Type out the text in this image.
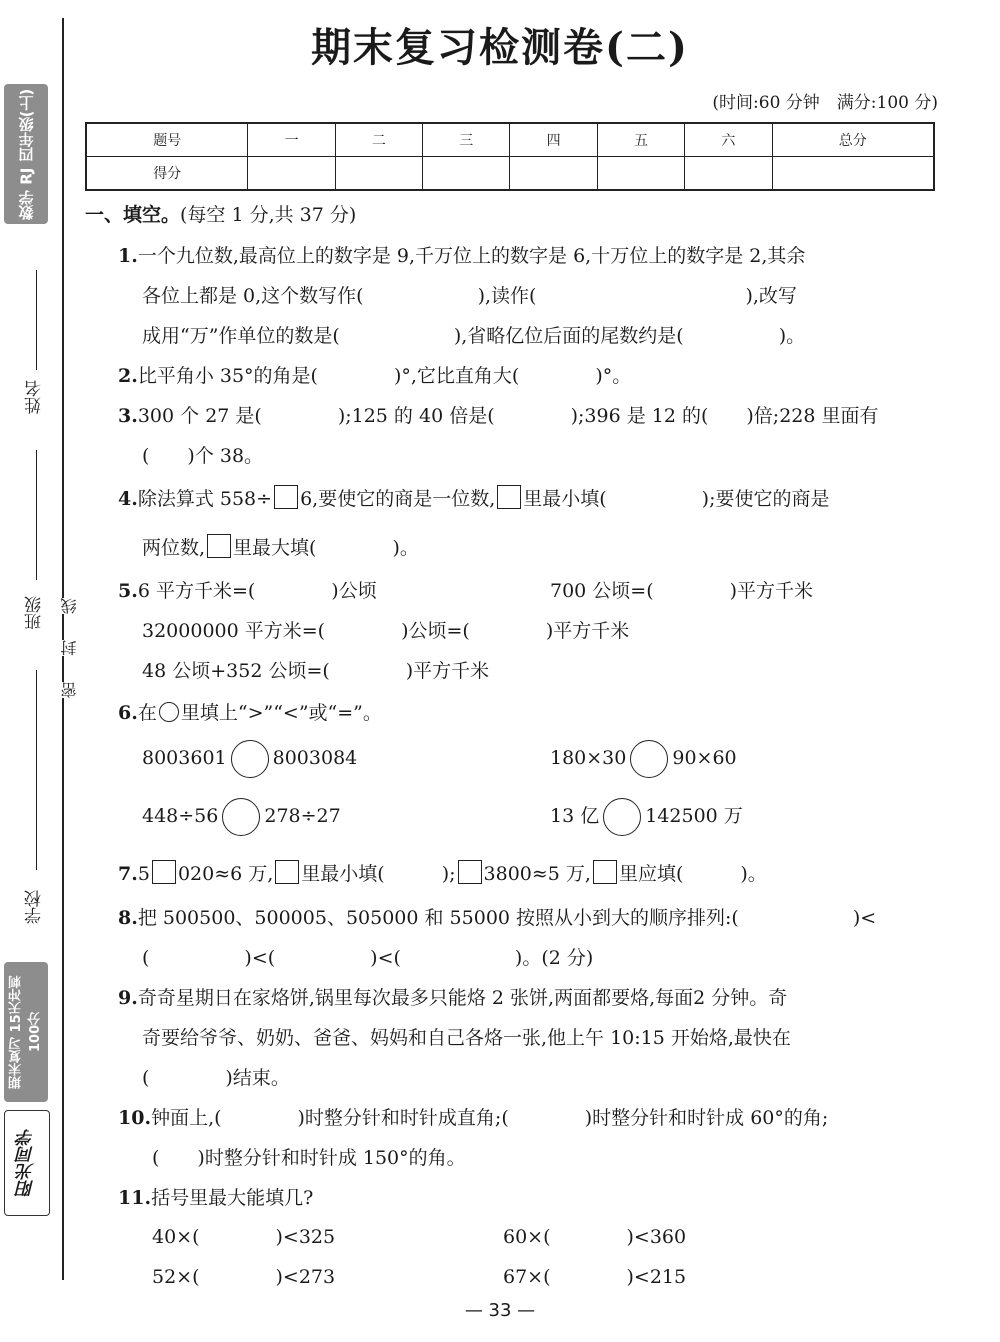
数学 RJ 四年级(上)
姓名
班级
学校
线
封
密
期末复习 15天冲刺100分
阳光同学
期末复习检测卷(二)
(时间:60 分钟　满分:100 分)
题号	一	二	三	四	五	六	总分
得分							
一、填空。(每空 1 分,共 37 分)
1.一个九位数,最高位上的数字是 9,千万位上的数字是 6,十万位上的数字是 2,其余
各位上都是 0,这个数写作(　　　　　　),读作(　　　　　　　　　　　),改写
成用“万”作单位的数是(　　　　　　),省略亿位后面的尾数约是(　　　　　)。
2.比平角小 35°的角是(　　　　)°,它比直角大(　　　　)°。
3.300 个 27 是(　　　　);125 的 40 倍是(　　　　);396 是 12 的(　　)倍;228 里面有
(　　)个 38。
4.除法算式 558÷ 6,要使它的商是一位数, 里最小填(　　　　　);要使它的商是
两位数, 里最大填(　　　　)。
5.6 平方千米=(　　　　)公顷	700 公顷=(　　　　)平方千米
32000000 平方米=(　　　　)公顷=(　　　　)平方千米
48 公顷+352 公顷=(　　　　)平方千米
6.在 里填上“>”“<”或“=”。
8003601 8003084	180×30 90×60
448÷56 278÷27	13 亿 142500 万
7.5 020≈6 万, 里最小填(　　　); 3800≈5 万, 里应填(　　　)。
8.把 500500、500005、505000 和 55000 按照从小到大的顺序排列:(　　　　　　)<
(　　　　　)<(　　　　　)<(　　　　　　)。(2 分)
9.奇奇星期日在家烙饼,锅里每次最多只能烙 2 张饼,两面都要烙,每面2 分钟。奇
奇要给爷爷、奶奶、爸爸、妈妈和自己各烙一张,他上午 10:15 开始烙,最快在
(　　　　)结束。
10.钟面上,(　　　　)时整分针和时针成直角;(　　　　)时整分针和时针成 60°的角;
(　　)时整分针和时针成 150°的角。
11.括号里最大能填几?
40×(　　　　)<325	60×(　　　　)<360
52×(　　　　)<273	67×(　　　　)<215
— 33 —
